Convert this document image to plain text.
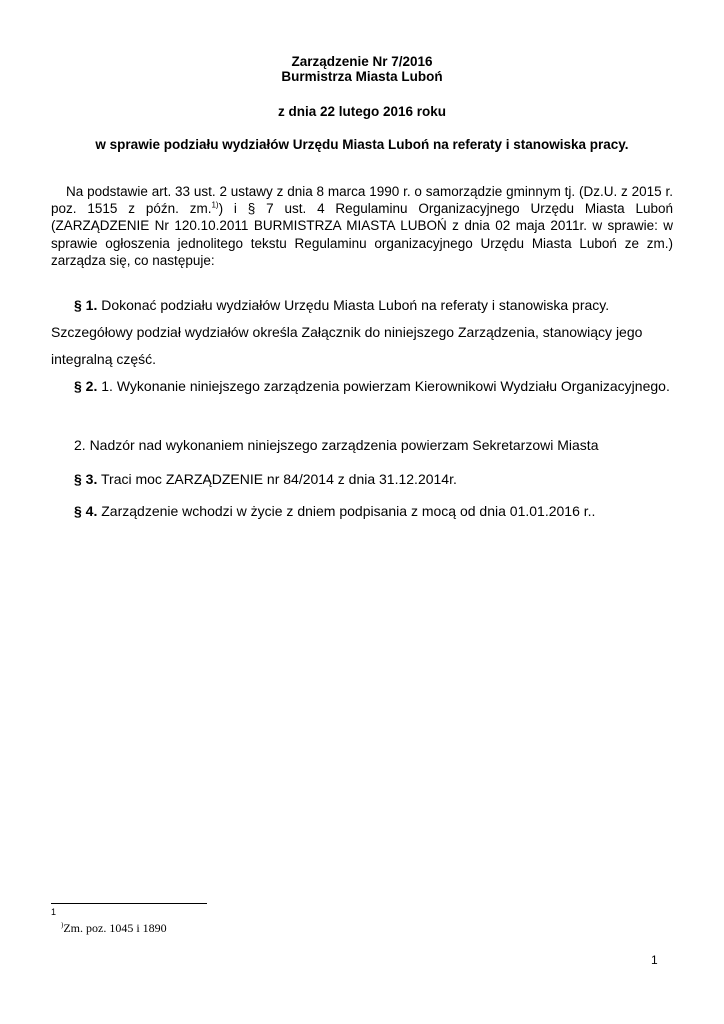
Zarządzenie Nr 7/2016
Burmistrza Miasta Luboń
z dnia 22 lutego 2016 roku
w sprawie podziału wydziałów Urzędu Miasta Luboń na referaty i stanowiska pracy.
Na podstawie art. 33 ust. 2 ustawy z dnia 8 marca 1990 r. o samorządzie gminnym tj. (Dz.U. z 2015 r. poz. 1515 z późn. zm.$^{1)}$) i § 7 ust. 4 Regulaminu Organizacyjnego Urzędu Miasta Luboń (ZARZĄDZENIE Nr 120.10.2011 BURMISTRZA MIASTA LUBOŃ z dnia 02 maja 2011r. w sprawie: w sprawie ogłoszenia jednolitego tekstu Regulaminu organizacyjnego Urzędu Miasta Luboń ze zm.) zarządza się, co następuje:
§ 1. Dokonać podziału wydziałów Urzędu Miasta Luboń na referaty i stanowiska pracy.
Szczegółowy podział wydziałów określa Załącznik do niniejszego Zarządzenia, stanowiący jego integralną część.
§ 2. 1. Wykonanie niniejszego zarządzenia powierzam Kierownikowi Wydziału Organizacyjnego.
2. Nadzór nad wykonaniem niniejszego zarządzenia powierzam Sekretarzowi Miasta
§ 3. Traci moc ZARZĄDZENIE nr 84/2014 z dnia 31.12.2014r.
§ 4. Zarządzenie wchodzi w życie z dniem podpisania z mocą od dnia 01.01.2016 r..
1
)Zm. poz. 1045 i 1890
1
